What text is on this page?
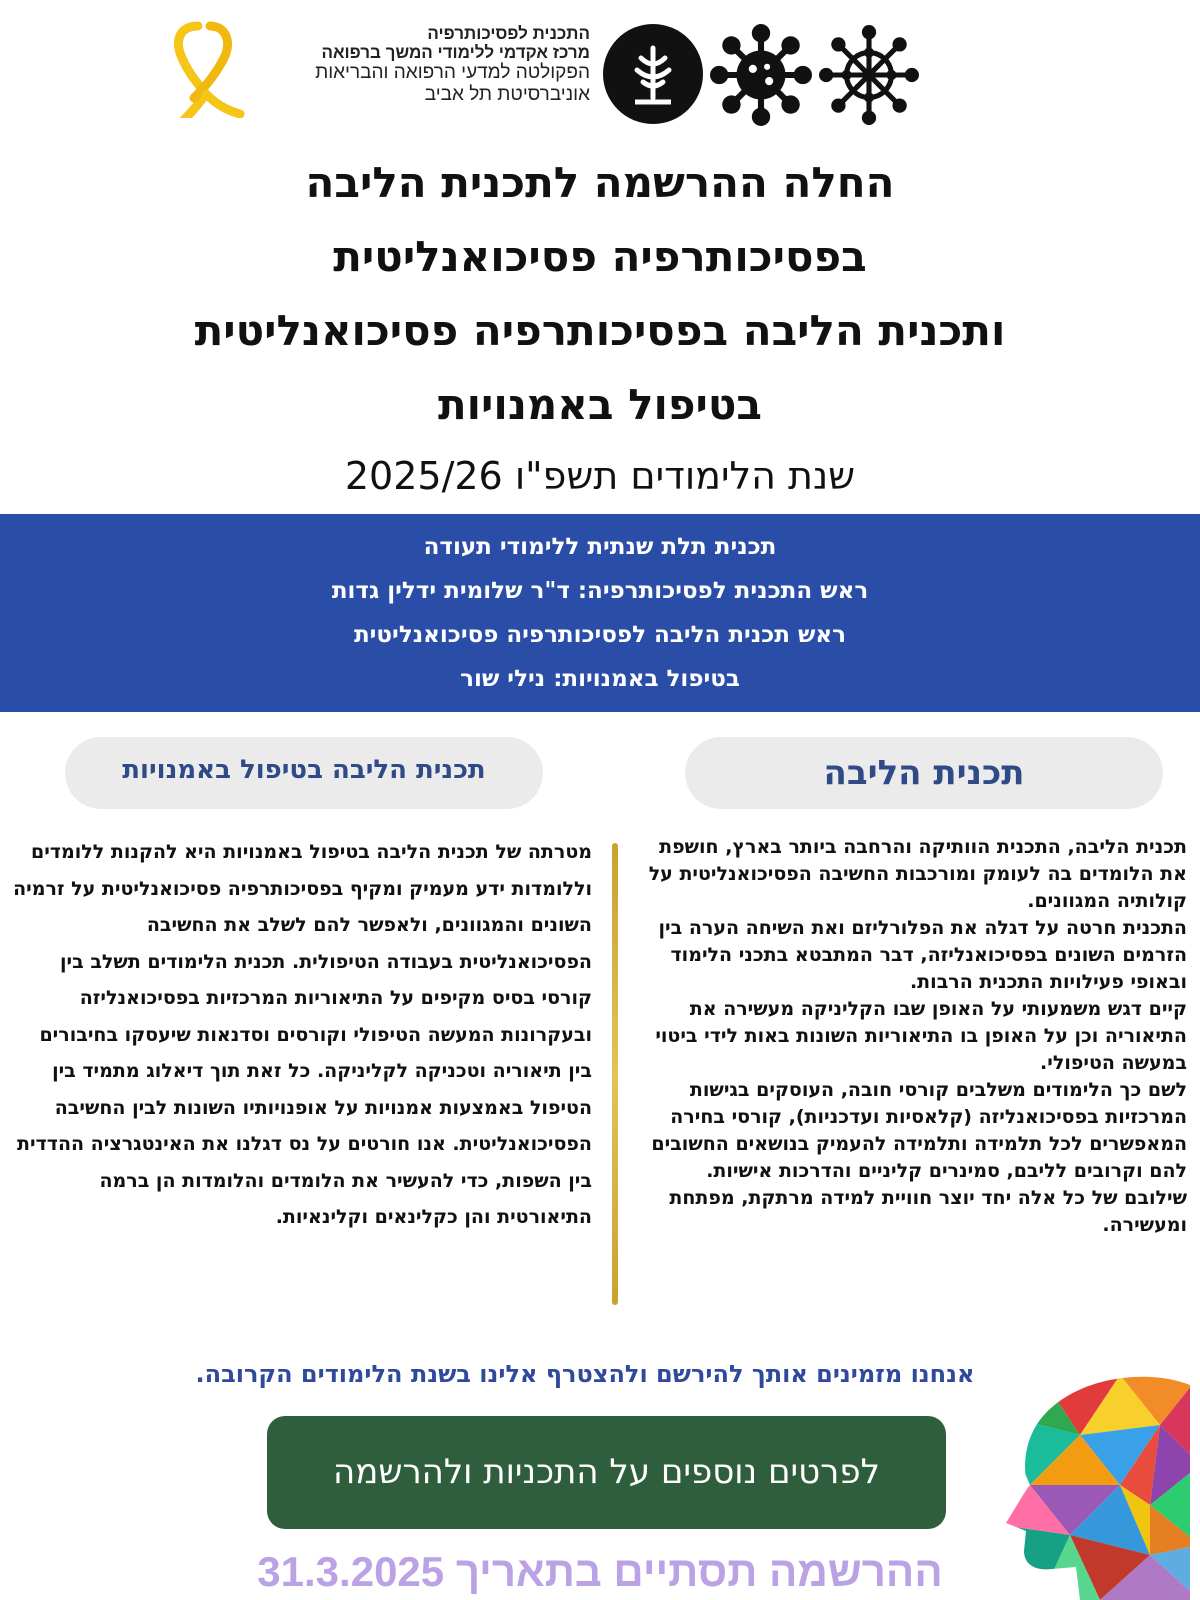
התכנית לפסיכותרפיה
מרכז אקדמי ללימודי המשך ברפואה
הפקולטה למדעי הרפואה והבריאות
אוניברסיטת תל אביב
החלה ההרשמה לתכנית הליבה
בפסיכותרפיה פסיכואנליטית
ותכנית הליבה בפסיכותרפיה פסיכואנליטית
בטיפול באמנויות
שנת הלימודים תשפ"ו 2025/26
תכנית תלת שנתית ללימודי תעודה
ראש התכנית לפסיכותרפיה: ד"ר שלומית ידלין גדות
ראש תכנית הליבה לפסיכותרפיה פסיכואנליטית
בטיפול באמנויות: נילי שור
תכנית הליבה
תכנית הליבה בטיפול באמנויות

תכנית הליבה, התכנית הוותיקה והרחבה ביותר בארץ, חושפת את הלומדים בה לעומק ומורכבות החשיבה הפסיכואנליטית על קולותיה המגוונים.

התכנית חרטה על דגלה את הפלורליזם ואת השיחה הערה בין הזרמים השונים בפסיכואנליזה, דבר המתבטא בתכני הלימוד ובאופי פעילויות התכנית הרבות.

קיים דגש משמעותי על האופן שבו הקליניקה מעשירה את התיאוריה וכן על האופן בו התיאוריות השונות באות לידי ביטוי במעשה הטיפולי.

לשם כך הלימודים משלבים קורסי חובה, העוסקים בגישות המרכזיות בפסיכואנליזה (קלאסיות ועדכניות), קורסי בחירה המאפשרים לכל תלמידה ותלמידה להעמיק בנושאים החשובים להם וקרובים לליבם, סמינרים קליניים והדרכות אישיות.

שילובם של כל אלה יחד יוצר חוויית למידה מרתקת, מפתחת ומעשירה.

מטרתה של תכנית הליבה בטיפול באמנויות היא להקנות ללומדים וללומדות ידע מעמיק ומקיף בפסיכותרפיה פסיכואנליטית על זרמיה השונים והמגוונים, ולאפשר להם לשלב את החשיבה הפסיכואנליטית בעבודה הטיפולית. תכנית הלימודים תשלב בין קורסי בסיס מקיפים על התיאוריות המרכזיות בפסיכואנליזה ובעקרונות המעשה הטיפולי וקורסים וסדנאות שיעסקו בחיבורים בין תיאוריה וטכניקה לקליניקה. כל זאת תוך דיאלוג מתמיד בין הטיפול באמצעות אמנויות על אופנויותיו השונות לבין החשיבה הפסיכואנליטית. אנו חורטים על נס דגלנו את האינטגרציה ההדדית בין השפות, כדי להעשיר את הלומדים והלומדות הן ברמה התיאורטית והן כקלינאים וקלינאיות.

אנחנו מזמינים אותך להירשם ולהצטרף אלינו בשנת הלימודים הקרובה.
לפרטים נוספים על התכניות ולהרשמה
ההרשמה תסתיים בתאריך 31.3.2025
